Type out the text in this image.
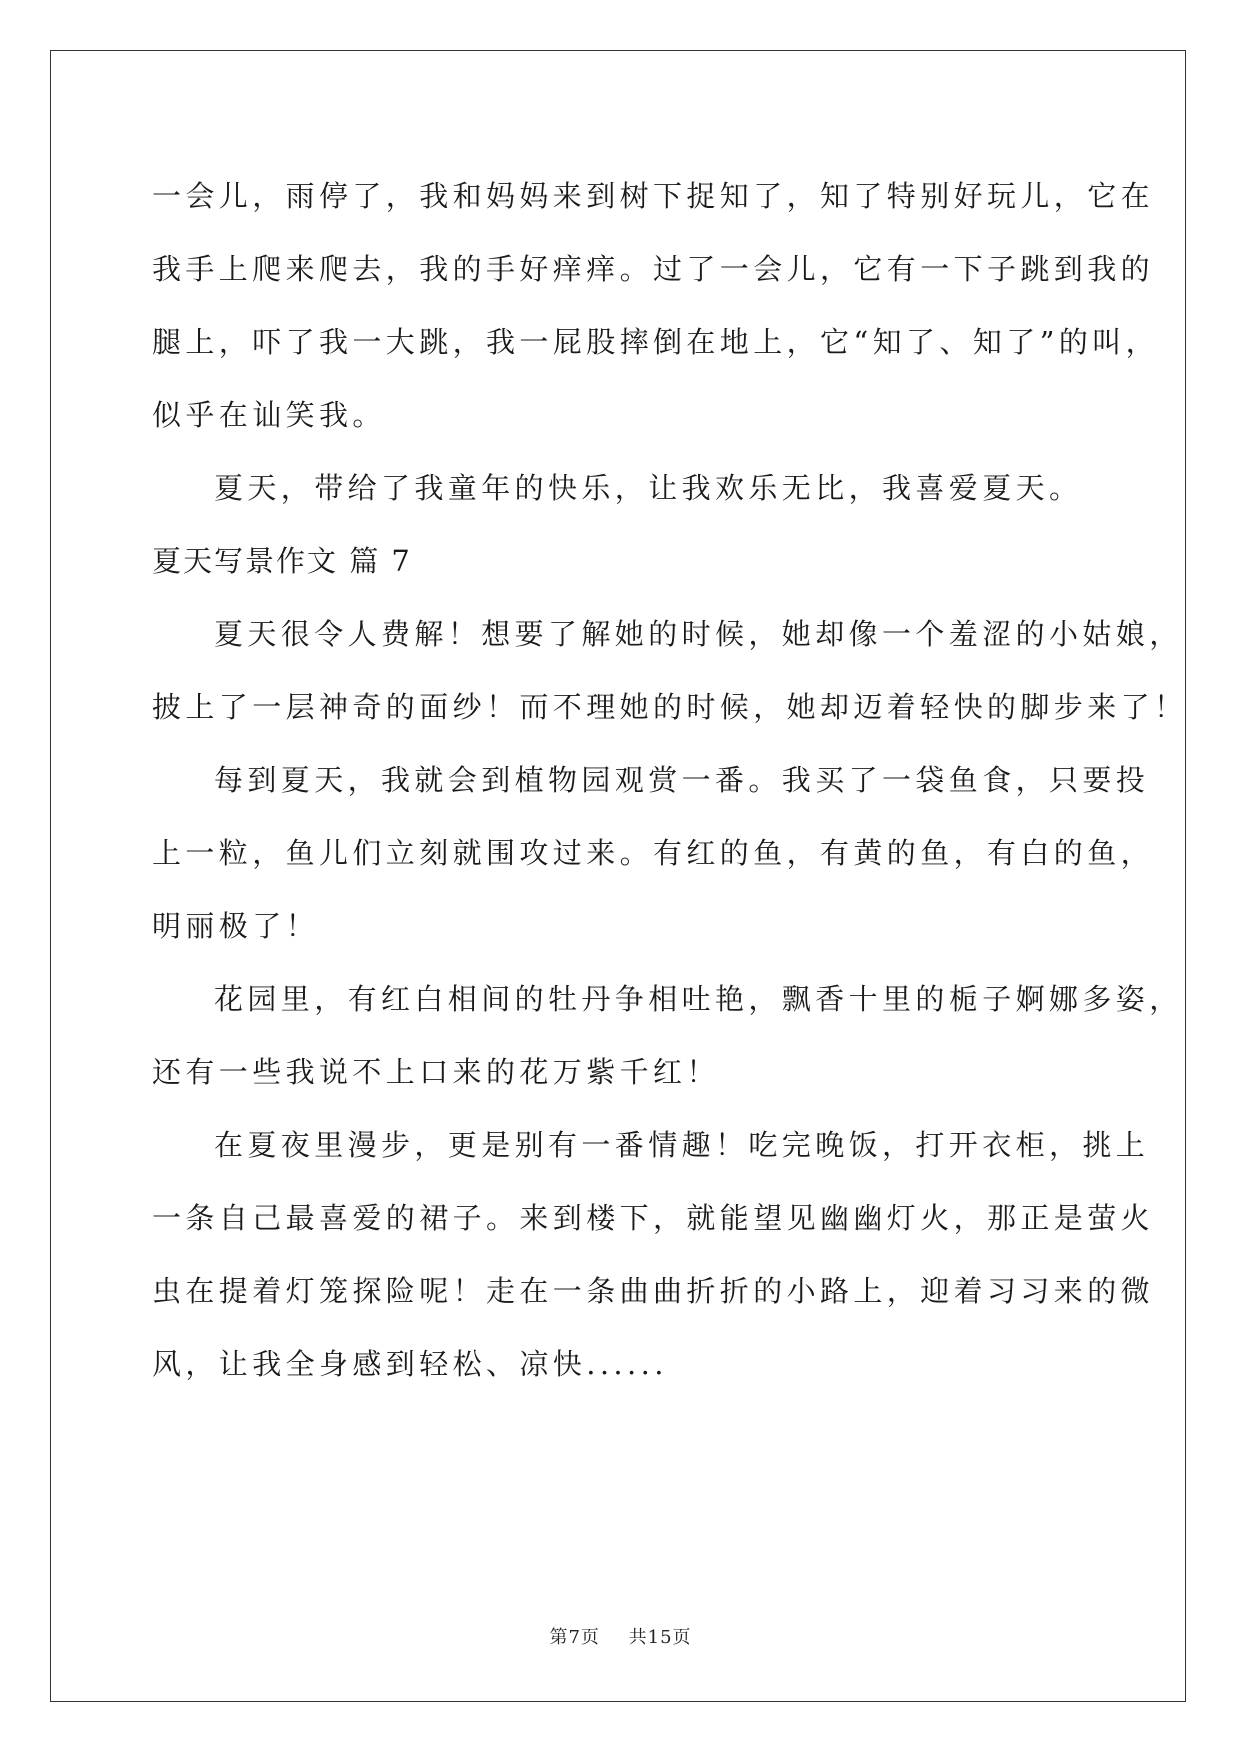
一会儿，雨停了，我和妈妈来到树下捉知了，知了特别好玩儿，它在
我手上爬来爬去，我的手好痒痒。过了一会儿，它有一下子跳到我的
腿上，吓了我一大跳，我一屁股摔倒在地上，它“知了、知了”的叫，
似乎在讪笑我。
夏天，带给了我童年的快乐，让我欢乐无比，我喜爱夏天。
夏天写景作文 篇 7
夏天很令人费解！想要了解她的时候，她却像一个羞涩的小姑娘，
披上了一层神奇的面纱！而不理她的时候，她却迈着轻快的脚步来了！
每到夏天，我就会到植物园观赏一番。我买了一袋鱼食，只要投
上一粒，鱼儿们立刻就围攻过来。有红的鱼，有黄的鱼，有白的鱼，
明丽极了！
花园里，有红白相间的牡丹争相吐艳，飘香十里的栀子婀娜多姿，
还有一些我说不上口来的花万紫千红！
在夏夜里漫步，更是别有一番情趣！吃完晚饭，打开衣柜，挑上
一条自己最喜爱的裙子。来到楼下，就能望见幽幽灯火，那正是萤火
虫在提着灯笼探险呢！走在一条曲曲折折的小路上，迎着习习来的微
风，让我全身感到轻松、凉快......
第7页 共15页
